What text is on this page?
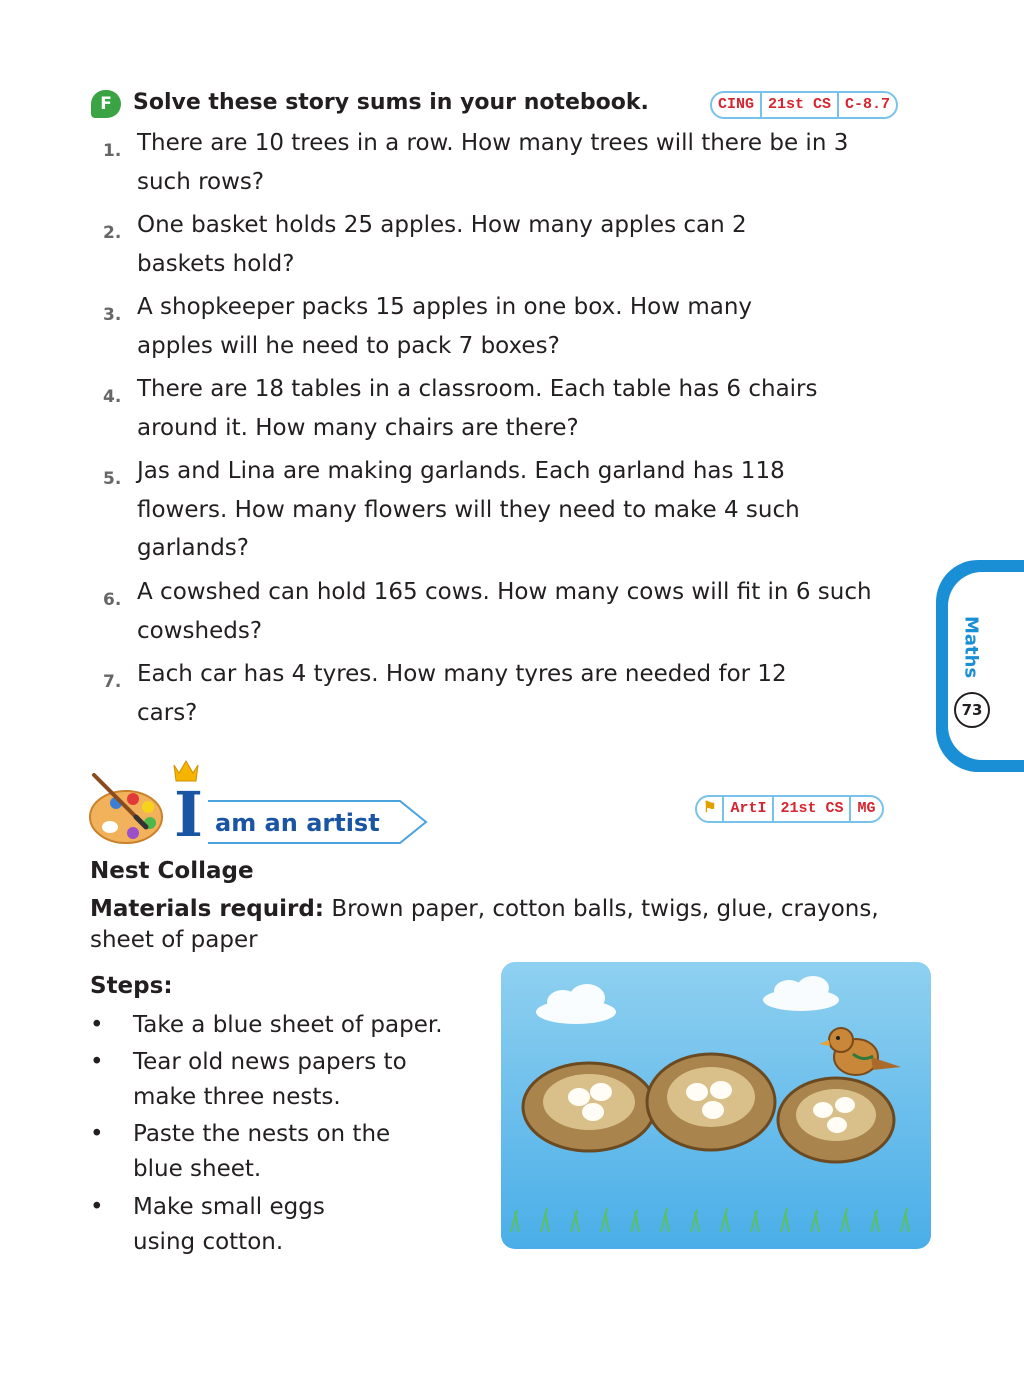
F Solve these story sums in your notebook.	CING 21st CS C-8.7
1. There are 10 trees in a row. How many trees will there be in 3 such rows?
2. One basket holds 25 apples. How many apples can 2 baskets hold?
3. A shopkeeper packs 15 apples in one box. How many apples will he need to pack 7 boxes?
4. There are 18 tables in a classroom. Each table has 6 chairs around it. How many chairs are there?
5. Jas and Lina are making garlands. Each garland has 118 flowers. How many flowers will they need to make 4 such garlands?
6. A cowshed can hold 165 cows. How many cows will fit in 6 such cowsheds?
7. Each car has 4 tyres. How many tyres are needed for 12 cars?
Maths
73
I am an artist
⚑ ArtI 21st CS MG
Nest Collage
Materials requird: Brown paper, cotton balls, twigs, glue, crayons, sheet of paper
Steps:
• Take a blue sheet of paper.
• Tear old news papers to make three nests.
• Paste the nests on the blue sheet.
• Make small eggs using cotton.
